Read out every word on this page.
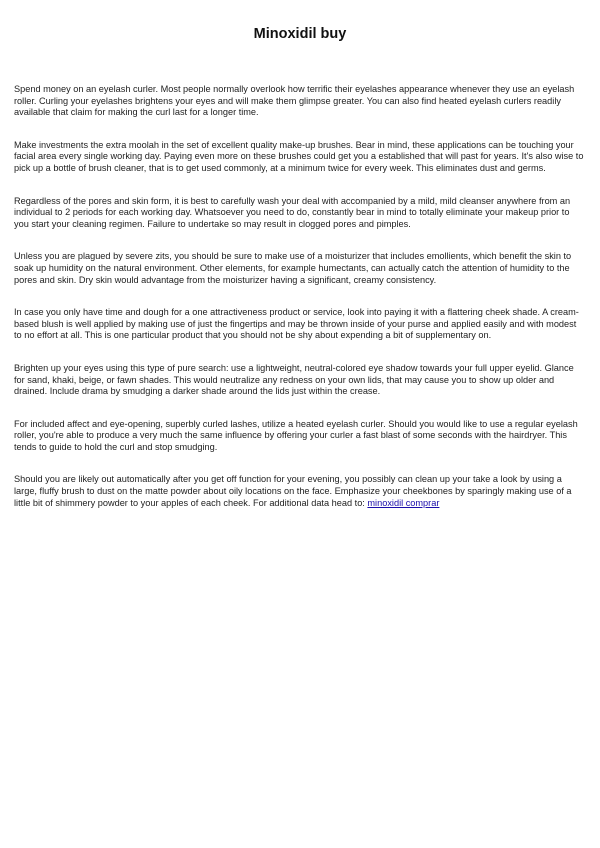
Minoxidil buy

Spend money on an eyelash curler. Most people normally overlook how terrific their eyelashes appearance whenever they use an eyelash roller. Curling your eyelashes brightens your eyes and will make them glimpse greater. You can also find heated eyelash curlers readily available that claim for making the curl last for a longer time.

Make investments the extra moolah in the set of excellent quality make-up brushes. Bear in mind, these applications can be touching your facial area every single working day. Paying even more on these brushes could get you a established that will past for years. It's also wise to pick up a bottle of brush cleaner, that is to get used commonly, at a minimum twice for every week. This eliminates dust and germs.

Regardless of the pores and skin form, it is best to carefully wash your deal with accompanied by a mild, mild cleanser anywhere from an individual to 2 periods for each working day. Whatsoever you need to do, constantly bear in mind to totally eliminate your makeup prior to you start your cleaning regimen. Failure to undertake so may result in clogged pores and pimples.

Unless you are plagued by severe zits, you should be sure to make use of a moisturizer that includes emollients, which benefit the skin to soak up humidity on the natural environment. Other elements, for example humectants, can actually catch the attention of humidity to the pores and skin. Dry skin would advantage from the moisturizer having a significant, creamy consistency.

In case you only have time and dough for a one attractiveness product or service, look into paying it with a flattering cheek shade. A cream-based blush is well applied by making use of just the fingertips and may be thrown inside of your purse and applied easily and with modest to no effort at all. This is one particular product that you should not be shy about expending a bit of supplementary on.

Brighten up your eyes using this type of pure search: use a lightweight, neutral-colored eye shadow towards your full upper eyelid. Glance for sand, khaki, beige, or fawn shades. This would neutralize any redness on your own lids, that may cause you to show up older and drained. Include drama by smudging a darker shade around the lids just within the crease.

For included affect and eye-opening, superbly curled lashes, utilize a heated eyelash curler. Should you would like to use a regular eyelash roller, you're able to produce a very much the same influence by offering your curler a fast blast of some seconds with the hairdryer. This tends to guide to hold the curl and stop smudging.

Should you are likely out automatically after you get off function for your evening, you possibly can clean up your take a look by using a large, fluffy brush to dust on the matte powder about oily locations on the face. Emphasize your cheekbones by sparingly making use of a little bit of shimmery powder to your apples of each cheek. For additional data head to: minoxidil comprar
